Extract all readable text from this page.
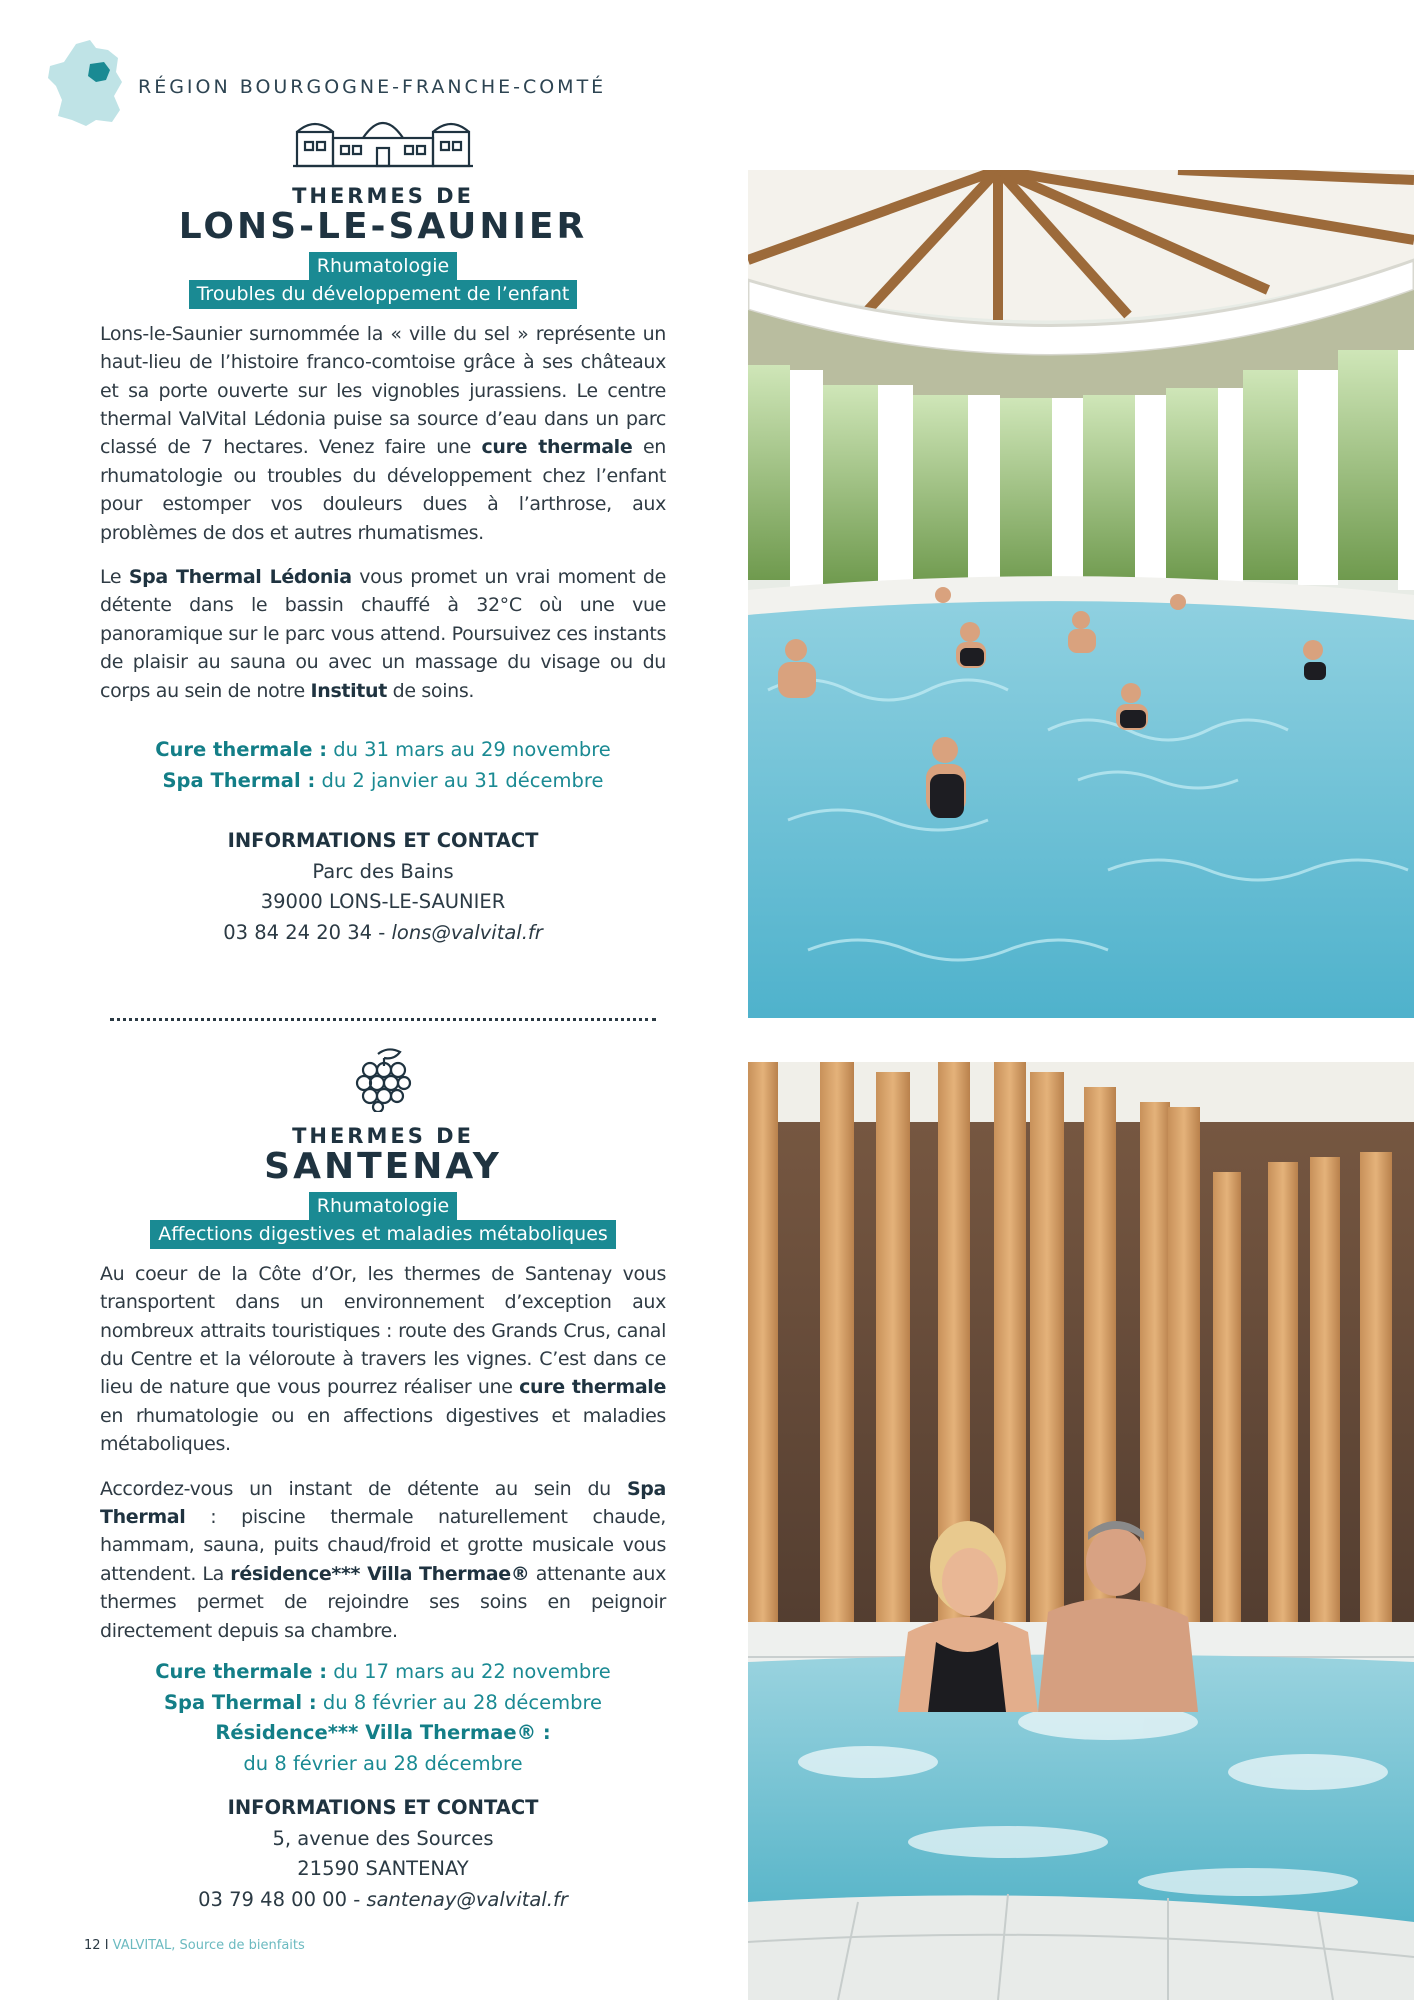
RÉGION BOURGOGNE-FRANCHE-COMTÉ
THERMES DE
LONS-LE-SAUNIER
Rhumatologie
Troubles du développement de l’enfant

Lons-le-Saunier surnommée la « ville du sel » représente un haut-lieu de l’histoire franco-comtoise grâce à ses châteaux et sa porte ouverte sur les vignobles jurassiens. Le centre thermal ValVital Lédonia puise sa source d’eau dans un parc classé de 7 hectares. Venez faire une cure thermale en rhumatologie ou troubles du développement chez l’enfant pour estomper vos douleurs dues à l’arthrose, aux problèmes de dos et autres rhumatismes.

Le Spa Thermal Lédonia vous promet un vrai moment de détente dans le bassin chauffé à 32°C où une vue panoramique sur le parc vous attend. Poursuivez ces instants de plaisir au sauna ou avec un massage du visage ou du corps au sein de notre Institut de soins.

Cure thermale : du 31 mars au 29 novembre
Spa Thermal : du 2 janvier au 31 décembre
INFORMATIONS ET CONTACT
Parc des Bains
39000 LONS-LE-SAUNIER
03 84 24 20 34 - lons@valvital.fr
THERMES DE
SANTENAY
Rhumatologie
Affections digestives et maladies métaboliques

Au coeur de la Côte d’Or, les thermes de Santenay vous transportent dans un environnement d’exception aux nombreux attraits touristiques : route des Grands Crus, canal du Centre et la véloroute à travers les vignes. C’est dans ce lieu de nature que vous pourrez réaliser une cure thermale en rhumatologie ou en affections digestives et maladies métaboliques.

Accordez-vous un instant de détente au sein du Spa Thermal : piscine thermale naturellement chaude, hammam, sauna, puits chaud/froid et grotte musicale vous attendent. La résidence*** Villa Thermae® attenante aux thermes permet de rejoindre ses soins en peignoir directement depuis sa chambre.

Cure thermale : du 17 mars au 22 novembre
Spa Thermal : du 8 février au 28 décembre
Résidence*** Villa Thermae® :
du 8 février au 28 décembre
INFORMATIONS ET CONTACT
5, avenue des Sources
21590 SANTENAY
03 79 48 00 00 - santenay@valvital.fr
12 I VALVITAL, Source de bienfaits
